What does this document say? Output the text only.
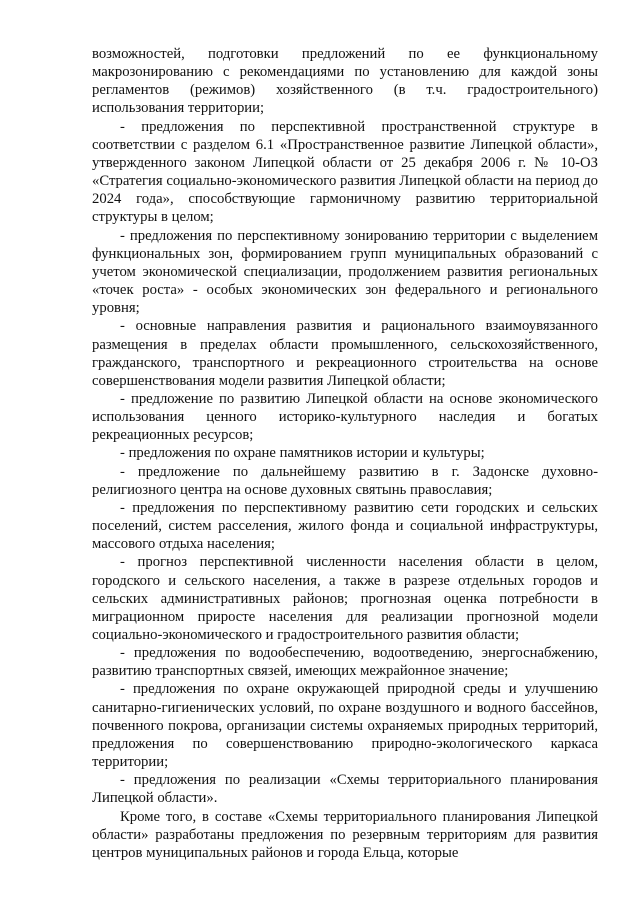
возможностей, подготовки предложений по ее функциональному макрозонированию с рекомендациями по установлению для каждой зоны регламентов (режимов) хозяйственного (в т.ч. градостроительного) использования территории;

- предложения по перспективной пространственной структуре в соответствии с разделом 6.1 «Пространственное развитие Липецкой области», утвержденного законом Липецкой области от 25 декабря 2006 г. № 10-ОЗ «Стратегия социально-экономического развития Липецкой области на период до 2024 года», способствующие гармоничному развитию территориальной структуры в целом;

- предложения по перспективному зонированию территории с выделением функциональных зон, формированием групп муниципальных образований с учетом экономической специализации, продолжением развития региональных «точек роста» - особых экономических зон федерального и регионального уровня;

- основные направления развития и рационального взаимоувязанного размещения в пределах области промышленного, сельскохозяйственного, гражданского, транспортного и рекреационного строительства на основе совершенствования модели развития Липецкой области;

- предложение по развитию Липецкой области на основе экономического использования ценного историко-культурного наследия и богатых рекреационных ресурсов;

- предложения по охране памятников истории и культуры;

- предложение по дальнейшему развитию в г. Задонске духовно-религиозного центра на основе духовных святынь православия;

- предложения по перспективному развитию сети городских и сельских поселений, систем расселения, жилого фонда и социальной инфраструктуры, массового отдыха населения;

- прогноз перспективной численности населения области в целом, городского и сельского населения, а также в разрезе отдельных городов и сельских административных районов; прогнозная оценка потребности в миграционном приросте населения для реализации прогнозной модели социально-экономического и градостроительного развития области;

- предложения по водообеспечению, водоотведению, энергоснабжению, развитию транспортных связей, имеющих межрайонное значение;

- предложения по охране окружающей природной среды и улучшению санитарно-гигиенических условий, по охране воздушного и водного бассейнов, почвенного покрова, организации системы охраняемых природных территорий, предложения по совершенствованию природно-экологического каркаса территории;

- предложения по реализации «Схемы территориального планирования Липецкой области».

Кроме того, в составе «Схемы территориального планирования Липецкой области» разработаны предложения по резервным территориям для развития центров муниципальных районов и города Ельца, которые
